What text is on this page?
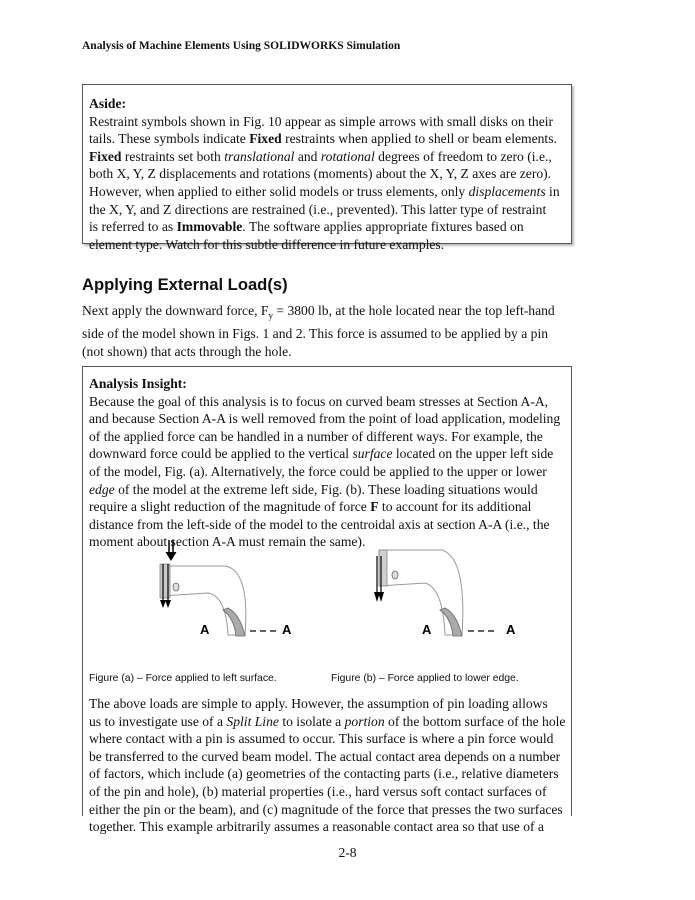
Analysis of Machine Elements Using SOLIDWORKS Simulation
Aside:
Restraint symbols shown in Fig. 10 appear as simple arrows with small disks on their
tails. These symbols indicate Fixed restraints when applied to shell or beam elements.
Fixed restraints set both translational and rotational degrees of freedom to zero (i.e.,
both X, Y, Z displacements and rotations (moments) about the X, Y, Z axes are zero).
However, when applied to either solid models or truss elements, only displacements in
the X, Y, and Z directions are restrained (i.e., prevented). This latter type of restraint
is referred to as Immovable. The software applies appropriate fixtures based on
element type. Watch for this subtle difference in future examples.
Applying External Load(s)
Next apply the downward force, $F_y = 3800$ lb, at the hole located near the top left-hand
side of the model shown in Figs. 1 and 2. This force is assumed to be applied by a pin
(not shown) that acts through the hole.
Analysis Insight:
Because the goal of this analysis is to focus on curved beam stresses at Section A-A,
and because Section A-A is well removed from the point of load application, modeling
of the applied force can be handled in a number of different ways. For example, the
downward force could be applied to the vertical surface located on the upper left side
of the model, Fig. (a). Alternatively, the force could be applied to the upper or lower
edge of the model at the extreme left side, Fig. (b). These loading situations would
require a slight reduction of the magnitude of force F to account for its additional
distance from the left-side of the model to the centroidal axis at section A-A (i.e., the
moment about section A-A must remain the same).
Figure (a) – Force applied to left surface.	Figure (b) – Force applied to lower edge.
The above loads are simple to apply. However, the assumption of pin loading allows
us to investigate use of a Split Line to isolate a portion of the bottom surface of the hole
where contact with a pin is assumed to occur. This surface is where a pin force would
be transferred to the curved beam model. The actual contact area depends on a number
of factors, which include (a) geometries of the contacting parts (i.e., relative diameters
of the pin and hole), (b) material properties (i.e., hard versus soft contact surfaces of
either the pin or the beam), and (c) magnitude of the force that presses the two surfaces
together. This example arbitrarily assumes a reasonable contact area so that use of a
A	A	A	A
2-8
